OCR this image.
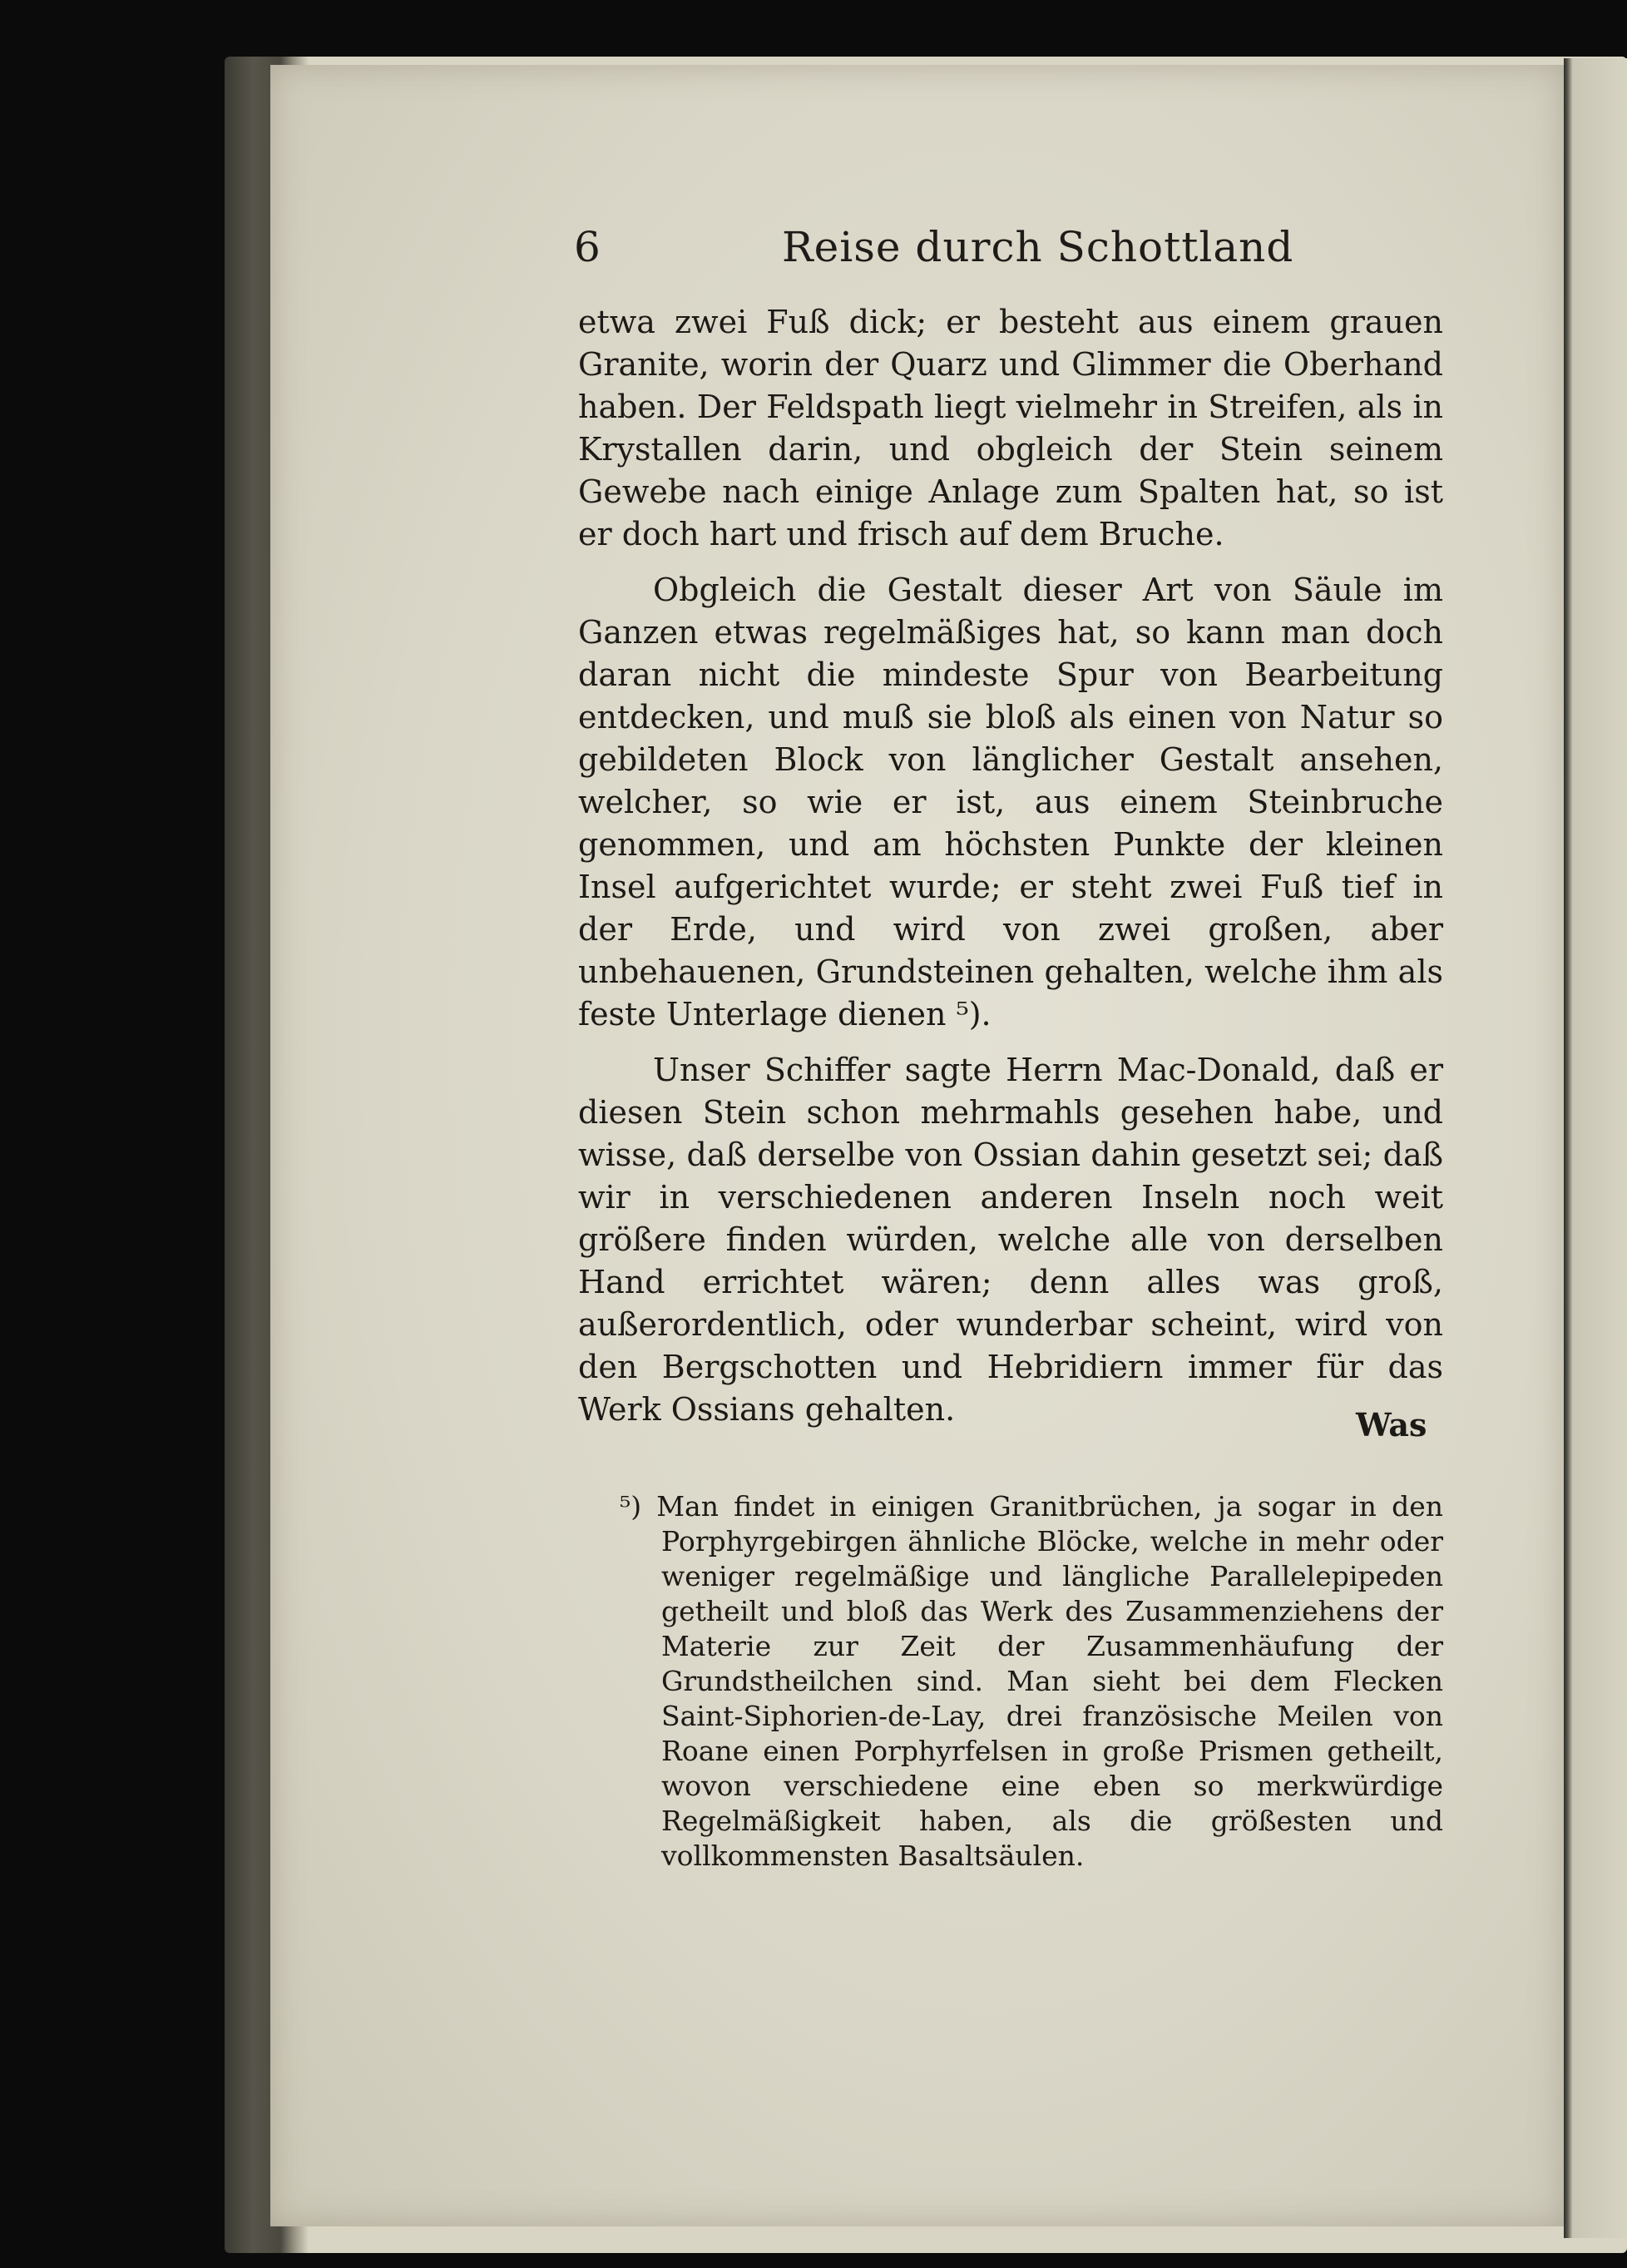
6	Reise durch Schottland

etwa zwei Fuß dick; er besteht aus einem grauen Granite, worin der Quarz und Glimmer die Oberhand haben. Der Feldspath liegt vielmehr in Streifen, als in Krystallen darin, und obgleich der Stein seinem Gewebe nach einige Anlage zum Spalten hat, so ist er doch hart und frisch auf dem Bruche.

Obgleich die Gestalt dieser Art von Säule im Ganzen etwas regelmäßiges hat, so kann man doch daran nicht die mindeste Spur von Bearbeitung entdecken, und muß sie bloß als einen von Natur so gebildeten Block von länglicher Gestalt ansehen, welcher, so wie er ist, aus einem Steinbruche genommen, und am höchsten Punkte der kleinen Insel aufgerichtet wurde; er steht zwei Fuß tief in der Erde, und wird von zwei großen, aber unbehauenen, Grundsteinen gehalten, welche ihm als feste Unterlage dienen ⁵).

Unser Schiffer sagte Herrn Mac-Donald, daß er diesen Stein schon mehrmahls gesehen habe, und wisse, daß derselbe von Ossian dahin gesetzt sei; daß wir in verschiedenen anderen Inseln noch weit größere finden würden, welche alle von derselben Hand errichtet wären; denn alles was groß, außerordentlich, oder wunderbar scheint, wird von den Bergschotten und Hebridiern immer für das Werk Ossians gehalten.	Was
⁵) Man findet in einigen Granitbrüchen, ja sogar in den Porphyrgebirgen ähnliche Blöcke, welche in mehr oder weniger regelmäßige und längliche Parallelepipeden getheilt und bloß das Werk des Zusammenziehens der Materie zur Zeit der Zusammenhäufung der Grundstheilchen sind. Man sieht bei dem Flecken Saint-Siphorien-de-Lay, drei französische Meilen von Roane einen Porphyrfelsen in große Prismen getheilt, wovon verschiedene eine eben so merkwürdige Regelmäßigkeit haben, als die größesten und vollkommensten Basaltsäulen.
